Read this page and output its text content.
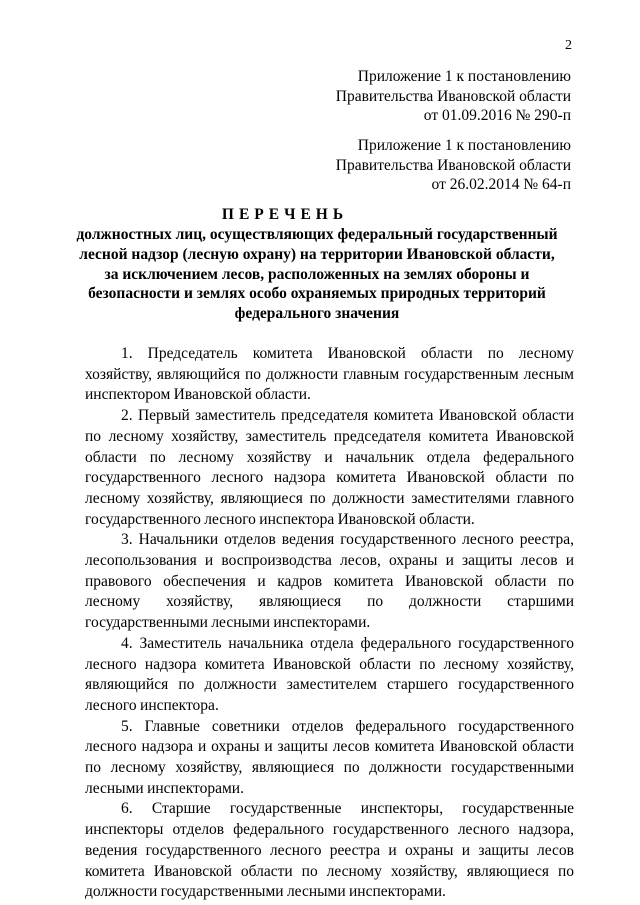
2
Приложение 1 к постановлению
Правительства Ивановской области
от 01.09.2016 № 290-п
Приложение 1 к постановлению
Правительства Ивановской области
от 26.02.2014 № 64-п
ПЕРЕЧЕНЬ
должностных лиц, осуществляющих федеральный государственный
лесной надзор (лесную охрану) на территории Ивановской области,
за исключением лесов, расположенных на землях обороны и
безопасности и землях особо охраняемых природных территорий
федерального значения

1. Председатель комитета Ивановской области по лесному хозяйству, являющийся по должности главным государственным лесным инспектором Ивановской области.

2. Первый заместитель председателя комитета Ивановской области по лесному хозяйству, заместитель председателя комитета Ивановской области по лесному хозяйству и начальник отдела федерального государственного лесного надзора комитета Ивановской области по лесному хозяйству, являющиеся по должности заместителями главного государственного лесного инспектора Ивановской области.

3. Начальники отделов ведения государственного лесного реестра, лесопользования и воспроизводства лесов, охраны и защиты лесов и правового обеспечения и кадров комитета Ивановской области по лесному хозяйству, являющиеся по должности старшими государственными лесными инспекторами.

4. Заместитель начальника отдела федерального государственного лесного надзора комитета Ивановской области по лесному хозяйству, являющийся по должности заместителем старшего государственного лесного инспектора.

5. Главные советники отделов федерального государственного лесного надзора и охраны и защиты лесов комитета Ивановской области по лесному хозяйству, являющиеся по должности государственными лесными инспекторами.

6. Старшие государственные инспекторы, государственные инспекторы отделов федерального государственного лесного надзора, ведения государственного лесного реестра и охраны и защиты лесов комитета Ивановской области по лесному хозяйству, являющиеся по должности государственными лесными инспекторами.
